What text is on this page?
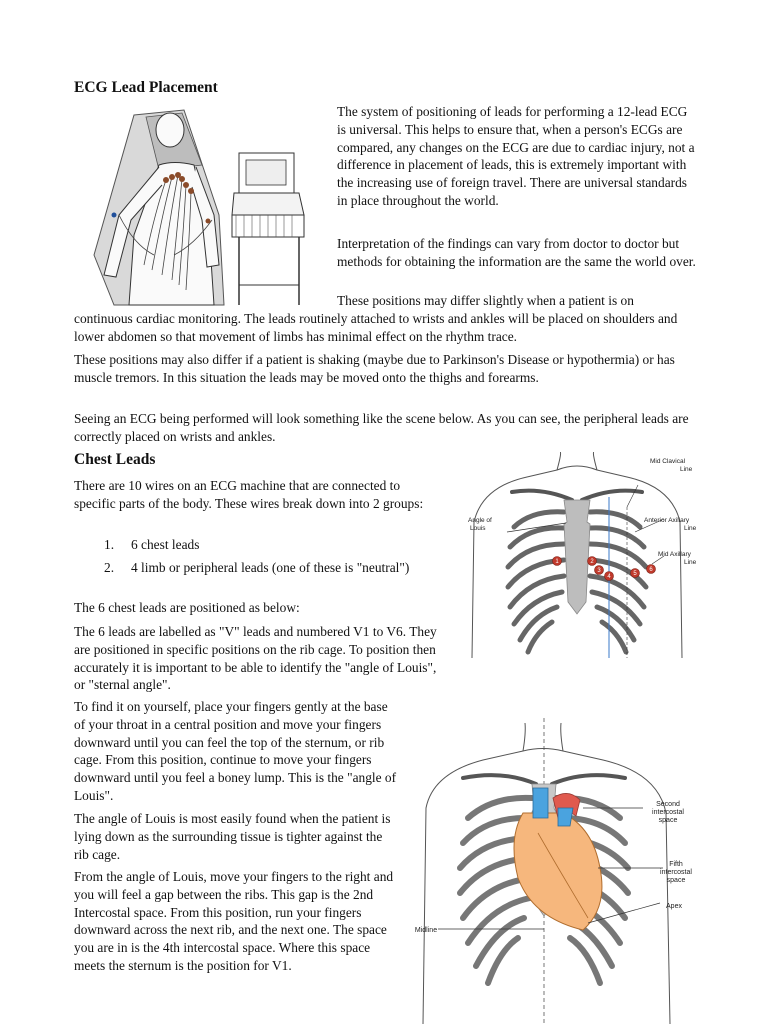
ECG Lead Placement

The system of positioning of leads for performing a 12-lead ECG is universal. This helps to ensure that, when a person's ECGs are compared, any changes on the ECG are due to cardiac injury, not a difference in placement of leads, this is extremely important with the increasing use of foreign travel. There are universal standards in place throughout the world.

Interpretation of the findings can vary from doctor to doctor but methods for obtaining the information are the same the world over.

These positions may differ slightly when a patient is on continuous cardiac monitoring. The leads routinely attached to wrists and ankles will be placed on shoulders and lower abdomen so that movement of limbs has minimal effect on the rhythm trace.

These positions may also differ if a patient is shaking (maybe due to Parkinson's Disease or hypothermia) or has muscle tremors. In this situation the leads may be moved onto the thighs and forearms.

Seeing an ECG being performed will look something like the scene below. As you can see, the peripheral leads are correctly placed on wrists and ankles.

Chest Leads

There are 10 wires on an ECG machine that are connected to specific parts of the body. These wires break down into 2 groups:

1. 6 chest leads
2. 4 limb or peripheral leads (one of these is "neutral")

The 6 chest leads are positioned as below:

The 6 leads are labelled as "V" leads and numbered V1 to V6. They are positioned in specific positions on the rib cage. To position then accurately it is important to be able to identify the "angle of Louis", or "sternal angle".

To find it on yourself, place your fingers gently at the base of your throat in a central position and move your fingers downward until you can feel the top of the sternum, or rib cage. From this position, continue to move your fingers downward until you feel a boney lump. This is the "angle of Louis".

The angle of Louis is most easily found when the patient is lying down as the surrounding tissue is tighter against the rib cage.

From the angle of Louis, move your fingers to the right and you will feel a gap between the ribs. This gap is the 2nd Intercostal space. From this position, run your fingers downward across the next rib, and the next one. The space you are in is the 4th intercostal space. Where this space meets the sternum is the position for V1.

1	2
3
4	5
6
Mid Clavical
Line
Angle of
Louis
Anterior Axillary
Line
Mid Axillary
Line
Second
intercostal
space
Fifth
intercostal
space
Apex
Midline
